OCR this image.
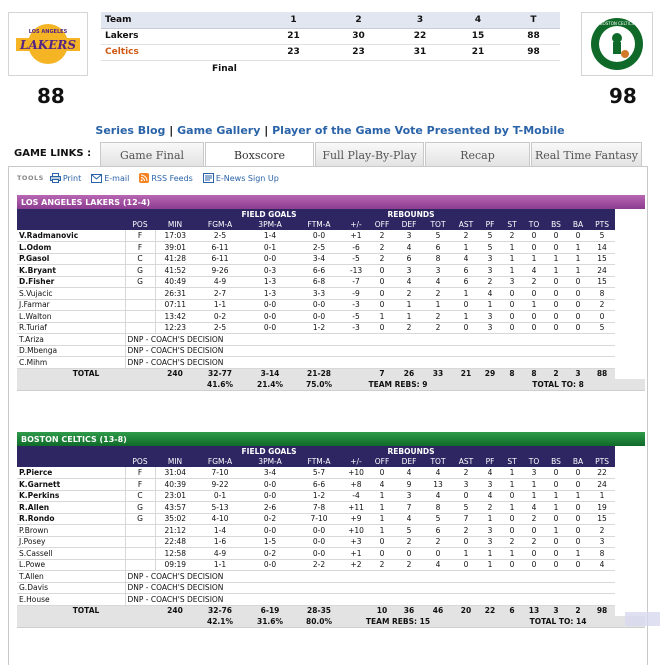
LOS ANGELES
LAKERS
BOSTON CELTICS
88	98
Team	1	2	3	4	T
Lakers	21	30	22	15	88
Celtics	23	23	31	21	98
Final
Series Blog | Game Gallery | Player of the Game Vote Presented by T-Mobile
GAME LINKS :	Game Final	Boxscore	Full Play-By-Play	Recap	Real Time Fantasy
TOOLS Print	E-mail	RSS Feeds	E-News Sign Up
LOS ANGELES LAKERS (12-4)
			FIELD GOALS				REBOUNDS										
	POS	MIN	FGM-A	3PM-A	FTM-A	+/-	OFF	DEF	TOT	AST	PF	ST	TO	BS	BA	PTS	
V.Radmanovic	F	17:03	2-5	1-4	0-0	+1	2	3	5	2	5	2	0	0	0	5	
L.Odom	F	39:01	6-11	0-1	2-5	-6	2	4	6	1	5	1	0	0	1	14	
P.Gasol	C	41:28	6-11	0-0	3-4	-5	2	6	8	4	3	1	1	1	1	15	
K.Bryant	G	41:52	9-26	0-3	6-6	-13	0	3	3	6	3	1	4	1	1	24	
D.Fisher	G	40:49	4-9	1-3	6-8	-7	0	4	4	6	2	3	2	0	0	15	
S.Vujacic		26:31	2-7	1-3	3-3	-9	0	2	2	1	4	0	0	0	0	8	
J.Farmar		07:11	1-1	0-0	0-0	-3	0	1	1	0	1	0	1	0	0	2	
L.Walton		13:42	0-2	0-0	0-0	-5	1	1	2	1	3	0	0	0	0	0	
R.Turiaf		12:23	2-5	0-0	1-2	-3	0	2	2	0	3	0	0	0	0	5	
T.Ariza	DNP - COACH'S DECISION																
D.Mbenga	DNP - COACH'S DECISION																
C.Mihm	DNP - COACH'S DECISION																
TOTAL		240	32-77	3-14	21-28		7	26	33	21	29	8	8	2	3	88	
			41.6%	21.4%	75.0%	TEAM REBS: 9						TOTAL TO: 8					
BOSTON CELTICS (13-8)
			FIELD GOALS				REBOUNDS										
	POS	MIN	FGM-A	3PM-A	FTM-A	+/-	OFF	DEF	TOT	AST	PF	ST	TO	BS	BA	PTS	
P.Pierce	F	31:04	7-10	3-4	5-7	+10	0	4	4	2	4	1	3	0	0	22	
K.Garnett	F	40:39	9-22	0-0	6-6	+8	4	9	13	3	3	1	1	0	0	24	
K.Perkins	C	23:01	0-1	0-0	1-2	-4	1	3	4	0	4	0	1	1	1	1	
R.Allen	G	43:57	5-13	2-6	7-8	+11	1	7	8	5	2	1	4	1	0	19	
R.Rondo	G	35:02	4-10	0-2	7-10	+9	1	4	5	7	1	0	2	0	0	15	
P.Brown		21:12	1-4	0-0	0-0	+10	1	5	6	2	3	0	0	1	0	2	
J.Posey		22:48	1-6	1-5	0-0	+3	0	2	2	0	3	2	2	0	0	3	
S.Cassell		12:58	4-9	0-2	0-0	+1	0	0	0	1	1	1	0	0	1	8	
L.Powe		09:19	1-1	0-0	2-2	+2	2	2	4	0	1	0	0	0	0	4	
T.Allen	DNP - COACH'S DECISION																
G.Davis	DNP - COACH'S DECISION																
E.House	DNP - COACH'S DECISION																
TOTAL		240	32-76	6-19	28-35		10	36	46	20	22	6	13	3	2	98	
			42.1%	31.6%	80.0%	TEAM REBS: 15						TOTAL TO: 14					
